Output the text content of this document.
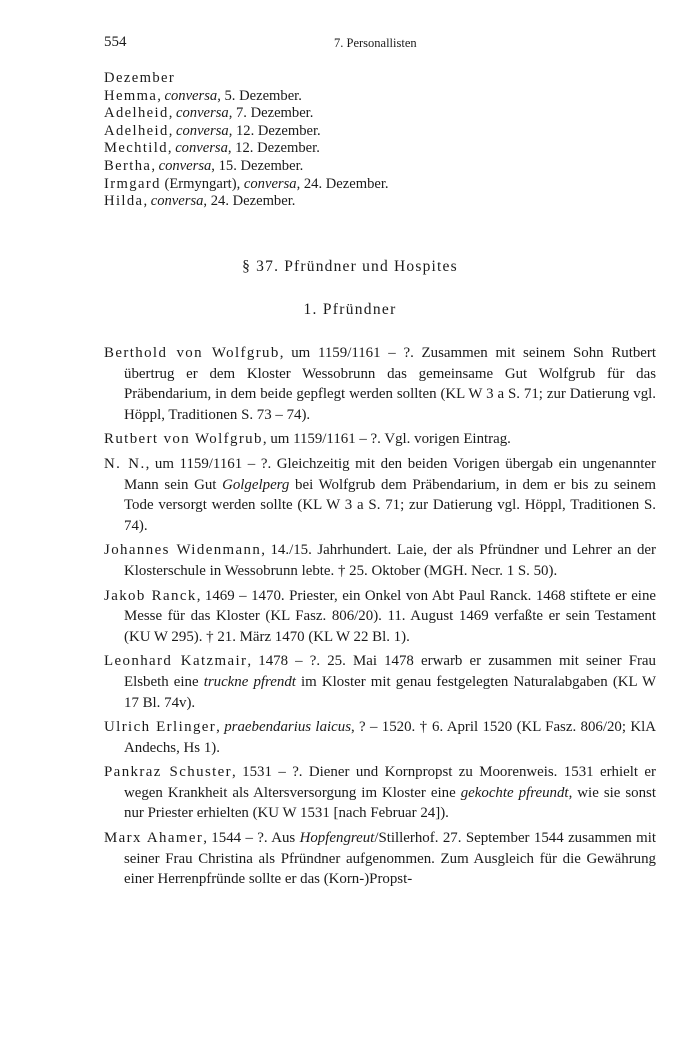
554	7. Personallisten
Dezember
Hemma, conversa, 5. Dezember.
Adelheid, conversa, 7. Dezember.
Adelheid, conversa, 12. Dezember.
Mechtild, conversa, 12. Dezember.
Bertha, conversa, 15. Dezember.
Irmgard (Ermyngart), conversa, 24. Dezember.
Hilda, conversa, 24. Dezember.
§ 37. Pfründner und Hospites
1. Pfründner
Berthold von Wolfgrub, um 1159/1161 – ?. Zusammen mit seinem Sohn Rutbert übertrug er dem Kloster Wessobrunn das gemeinsame Gut Wolfgrub für das Präbendarium, in dem beide gepflegt werden sollten (KL W 3 a S. 71; zur Datierung vgl. Höppl, Traditionen S. 73 – 74).
Rutbert von Wolfgrub, um 1159/1161 – ?. Vgl. vorigen Eintrag.
N. N., um 1159/1161 – ?. Gleichzeitig mit den beiden Vorigen übergab ein ungenannter Mann sein Gut Golgelperg bei Wolfgrub dem Präbendarium, in dem er bis zu seinem Tode versorgt werden sollte (KL W 3 a S. 71; zur Datierung vgl. Höppl, Traditionen S. 74).
Johannes Widenmann, 14./15. Jahrhundert. Laie, der als Pfründner und Lehrer an der Klosterschule in Wessobrunn lebte. † 25. Oktober (MGH. Necr. 1 S. 50).
Jakob Ranck, 1469 – 1470. Priester, ein Onkel von Abt Paul Ranck. 1468 stiftete er eine Messe für das Kloster (KL Fasz. 806/20). 11. August 1469 verfaßte er sein Testament (KU W 295). † 21. März 1470 (KL W 22 Bl. 1).
Leonhard Katzmair, 1478 – ?. 25. Mai 1478 erwarb er zusammen mit seiner Frau Elsbeth eine truckne pfrendt im Kloster mit genau festgelegten Naturalabgaben (KL W 17 Bl. 74v).
Ulrich Erlinger, praebendarius laicus, ? – 1520. † 6. April 1520 (KL Fasz. 806/20; KlA Andechs, Hs 1).
Pankraz Schuster, 1531 – ?. Diener und Kornpropst zu Moorenweis. 1531 erhielt er wegen Krankheit als Altersversorgung im Kloster eine gekochte pfreundt, wie sie sonst nur Priester erhielten (KU W 1531 [nach Februar 24]).
Marx Ahamer, 1544 – ?. Aus Hopfengreut/Stillerhof. 27. September 1544 zusammen mit seiner Frau Christina als Pfründner aufgenommen. Zum Ausgleich für die Gewährung einer Herrenpfründe sollte er das (Korn-)Propst-
